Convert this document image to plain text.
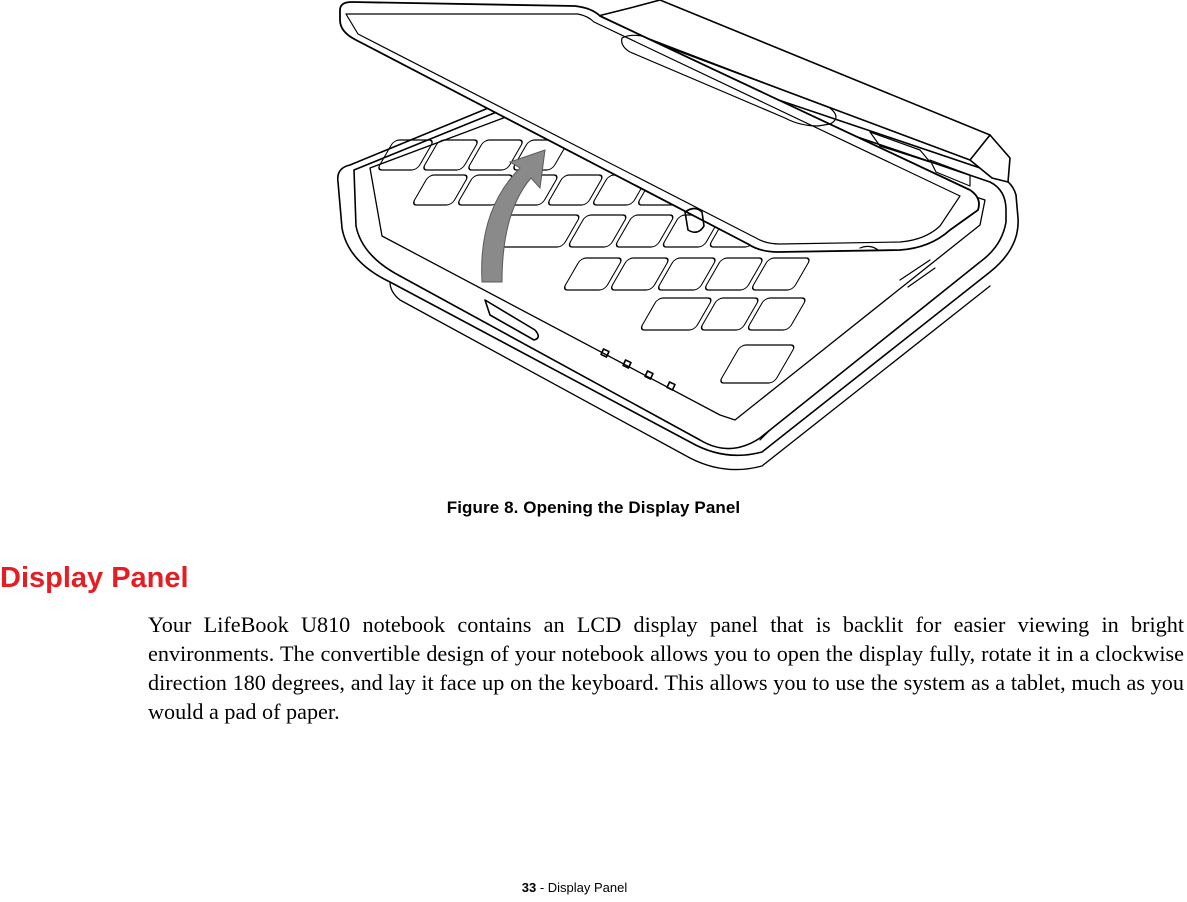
Figure 8. Opening the Display Panel
Display Panel

Your LifeBook U810 notebook contains an LCD display panel that is backlit for easier viewing in bright environments. The convertible design of your notebook allows you to open the display fully, rotate it in a clockwise direction 180 degrees, and lay it face up on the keyboard. This allows you to use the system as a tablet, much as you would a pad of paper.

33 - Display Panel
